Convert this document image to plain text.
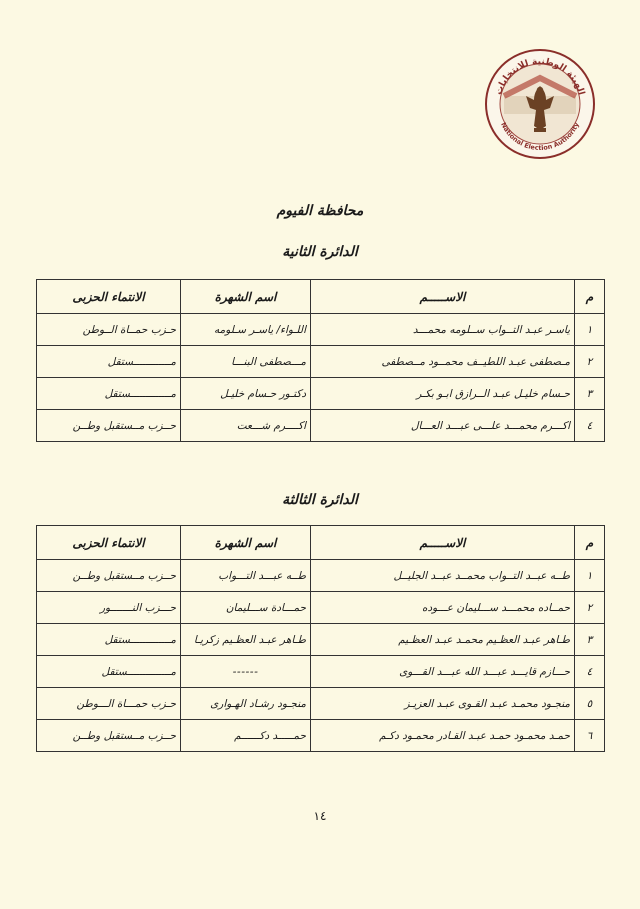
الهيئة الوطنية للانتخابات
National Election Authority
محافظة الفيوم
الدائرة الثانية
م	الاســـــم	اسم الشهرة	الانتماء الحزبى
١	ياسـر عبـد التــواب ســلومه محمـــد	اللـواء/ ياسـر سـلومه	حـزب حمــاة الــوطن
٢	مـصطفى عبـد اللطيــف محمــود مــصطفى	مـــصطفى البنـــا	مــــــــــــستقل
٣	حـسام خليـل عبـد الــرازق ابـو بكـر	دكتـور حـسام خليـل	مـــــــــــــستقل
٤	اكـــرم محمـــد علـــى عبـــد العـــال	اكــــرم شـــعت	حــزب مــستقبل وطــن
الدائرة الثالثة
م	الاســـــم	اسم الشهرة	الانتماء الحزبى
١	طــه عبــد التــواب محمــد عبــد الجليــل	طــه عبـــد التـــواب	حــزب مــستقبل وطــن
٢	حمــاده محمـــد ســـليمان عـــوده	حمـــادة ســـليمان	حـــزب النـــــــور
٣	طـاهر عبـد العظـيم محمـد عبـد العظـيم	طـاهر عبـد العظـيم زكريـا	مـــــــــــــستقل
٤	حـــازم قايـــد عبـــد الله عبـــد القـــوى	------	مــــــــــــــستقل
٥	منجـود محمـد عبـد القـوى عبـد العزيـز	منجـود رشـاد الهـوارى	حـزب حمـــاة الـــوطن
٦	حمـد محمـود حمـد عبـد القـادر محمـود دكـم	حمـــــد دكــــــم	حــزب مــستقبل وطــن
١٤
